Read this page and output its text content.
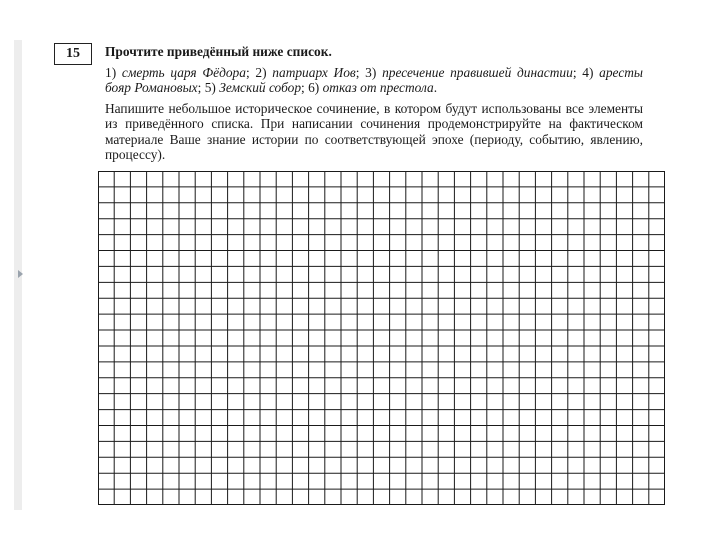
15	Прочтите приведённый ниже список.

1) смерть царя Фёдора; 2) патриарх Иов; 3) пресечение правившей династии; 4) аресты бояр Романовых; 5) Земский собор; 6) отказ от престола.

Напишите небольшое историческое сочинение, в котором будут использованы все элементы из приведённого списка. При написании сочинения продемонстрируйте на фактическом материале Ваше знание истории по соответствующей эпохе (периоду, событию, явлению, процессу).
